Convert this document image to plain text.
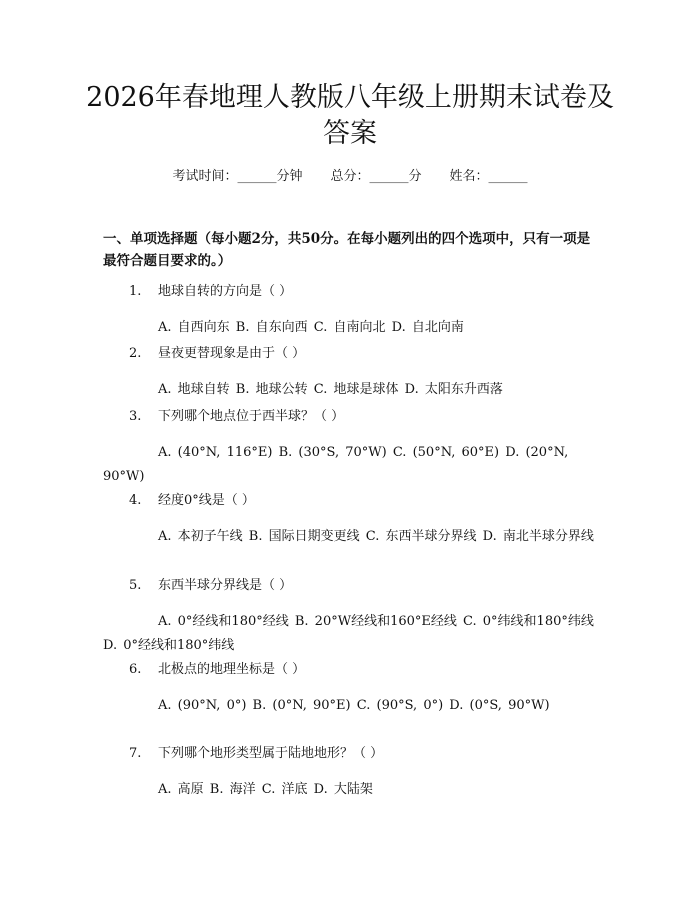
2026年春地理人教版八年级上册期末试卷及答案
考试时间：______分钟 总分：______分 姓名：______

一、单项选择题（每小题2分，共50分。在每小题列出的四个选项中，只有一项是最符合题目要求的。）

1. 地球自转的方向是（ ）
A. 自西向东 B. 自东向西 C. 自南向北 D. 自北向南
2. 昼夜更替现象是由于（ ）
A. 地球自转 B. 地球公转 C. 地球是球体 D. 太阳东升西落
3. 下列哪个地点位于西半球？（ ）
A. (40°N, 116°E) B. (30°S, 70°W) C. (50°N, 60°E) D. (20°N, 90°W)
4. 经度0°线是（ ）
A. 本初子午线 B. 国际日期变更线 C. 东西半球分界线 D. 南北半球分界线
5. 东西半球分界线是（ ）
A. 0°经线和180°经线 B. 20°W经线和160°E经线 C. 0°纬线和180°纬线 D. 0°经线和180°纬线
6. 北极点的地理坐标是（ ）
A. (90°N, 0°) B. (0°N, 90°E) C. (90°S, 0°) D. (0°S, 90°W)
7. 下列哪个地形类型属于陆地地形？（ ）
A. 高原 B. 海洋 C. 洋底 D. 大陆架
